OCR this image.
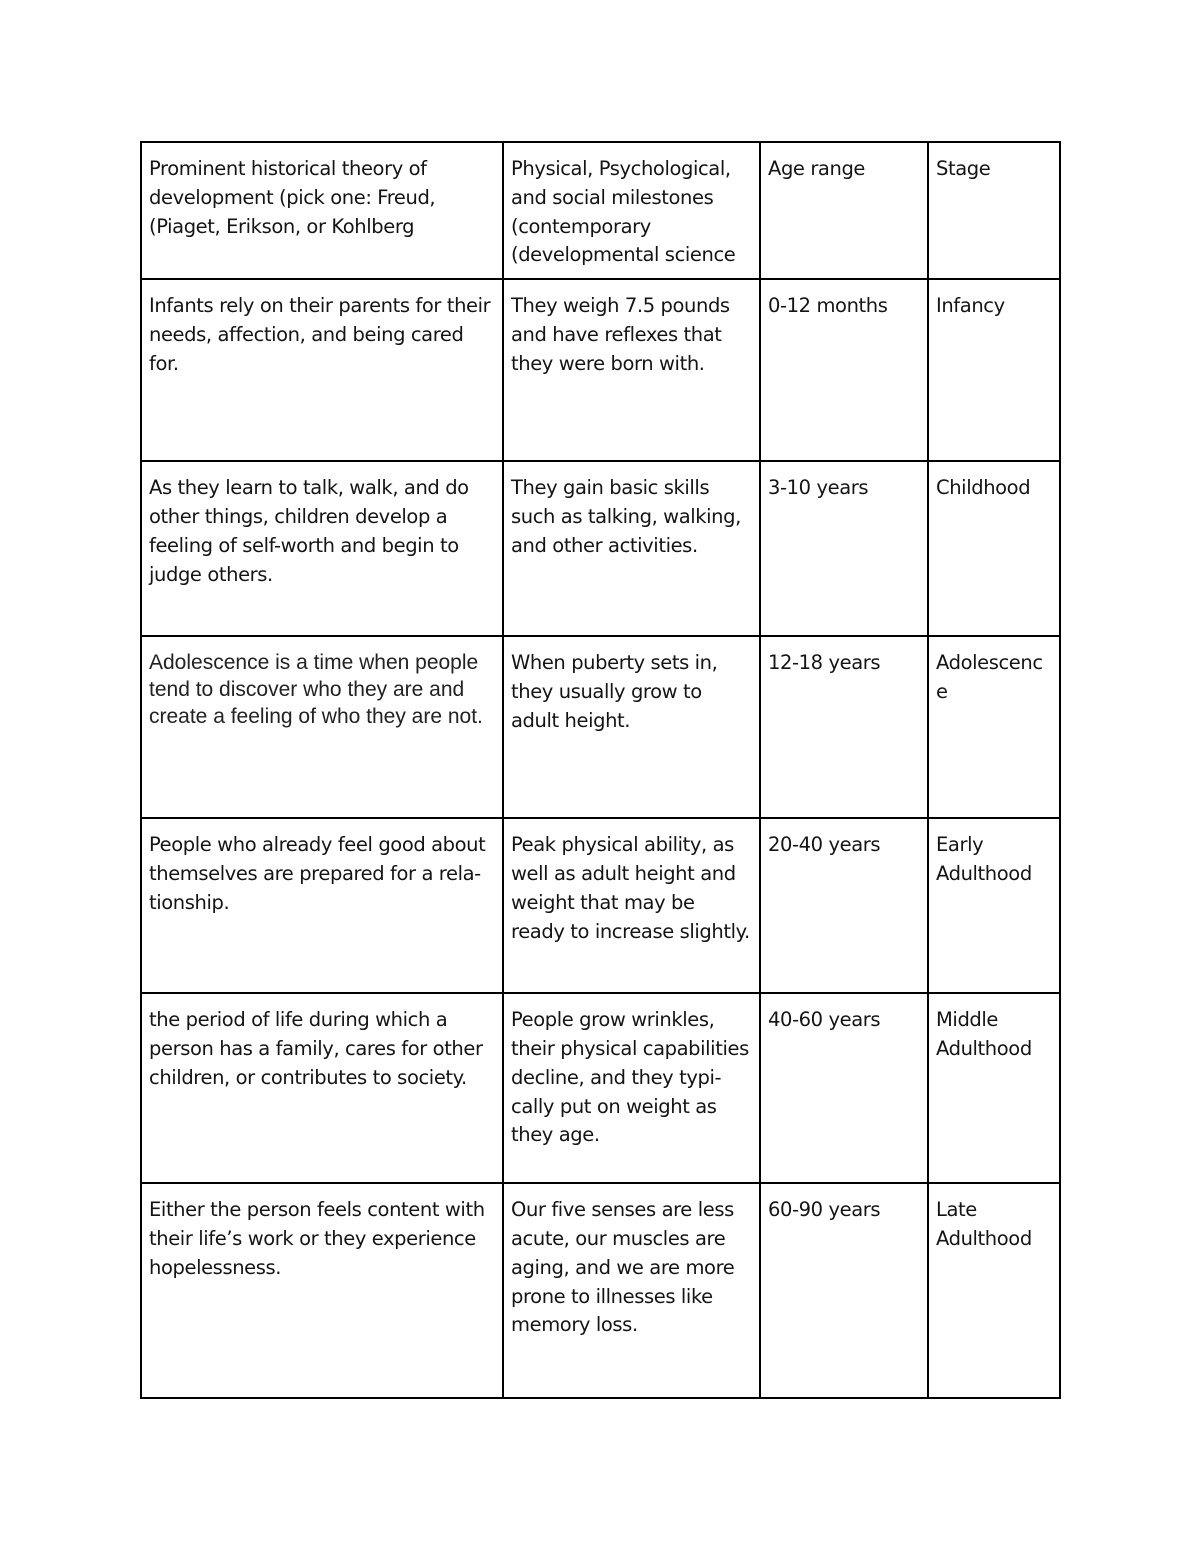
Prominent historical theory of development (pick one: Freud, (Piaget, Erikson, or Kohlberg	Physical, Psychological, and social milestones (contemporary (developmental science	Age range	Stage

Infants rely on their parents for their needs, affection, and being cared for.	They weigh 7.5 pounds and have reflexes that they were born with.	0-12 months	Infancy

As they learn to talk, walk, and do other things, children develop a feeling of self-worth and begin to judge others.	They gain basic skills such as talking, walking, and other activities.	3-10 years	Childhood

Adolescence is a time when people tend to discover who they are and create a feeling of who they are not.	When puberty sets in, they usually grow to adult height.	12-18 years	Adolescenc e

People who already feel good about themselves are prepared for a rela- tionship.	Peak physical ability, as well as adult height and weight that may be ready to increase slightly.	20-40 years	Early Adulthood

the period of life during which a person has a family, cares for other children, or contributes to society.	People grow wrinkles, their physical capabilities decline, and they typi- cally put on weight as they age.	40-60 years	Middle Adulthood

Either the person feels content with their life’s work or they experience hopelessness.	Our five senses are less acute, our muscles are aging, and we are more prone to illnesses like memory loss.	60-90 years	Late Adulthood
